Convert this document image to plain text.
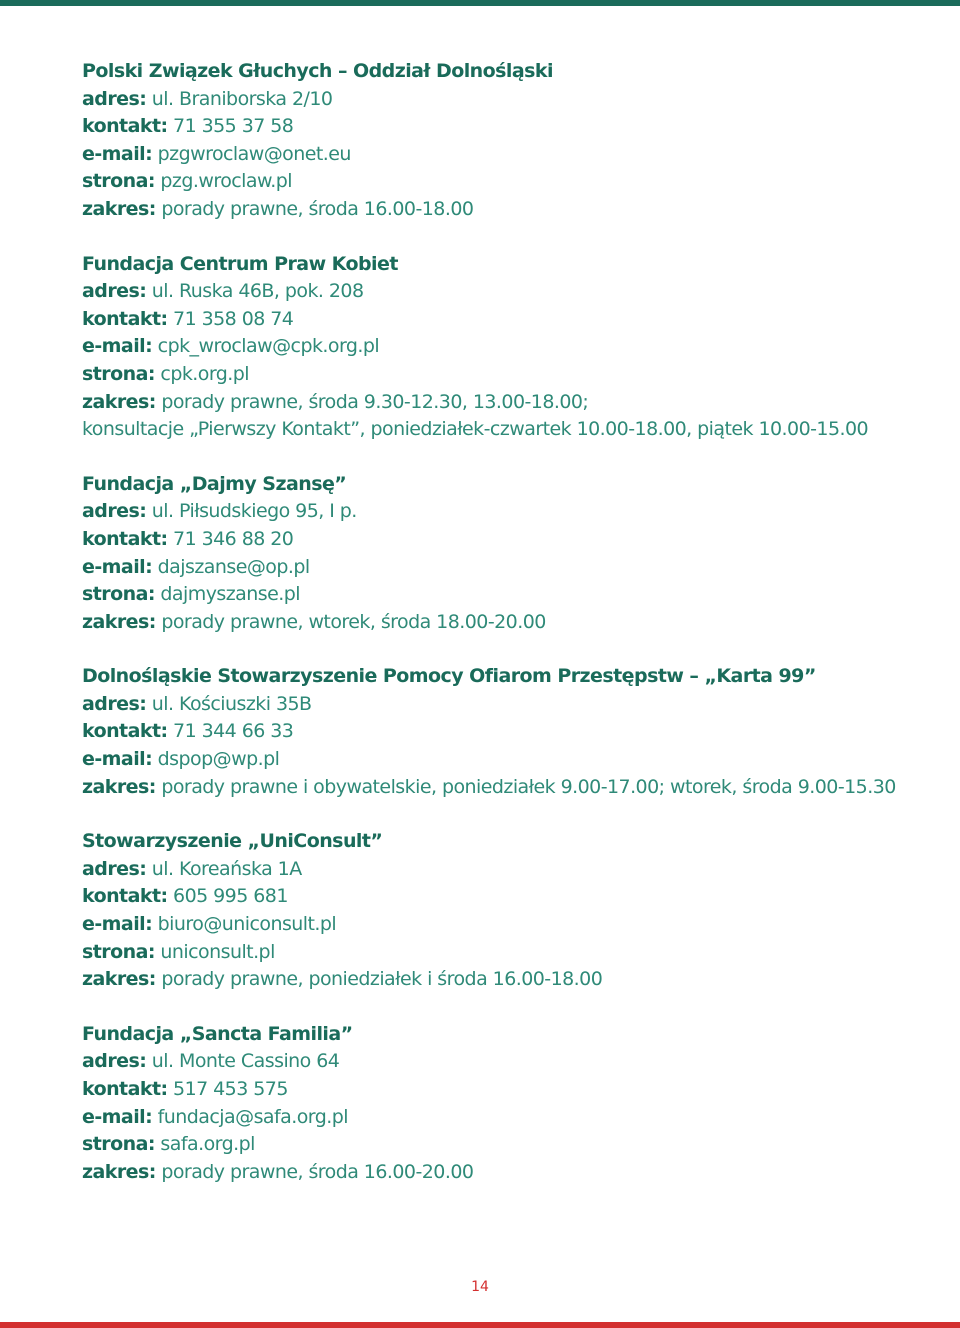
Polski Związek Głuchych – Oddział Dolnośląski
adres: ul. Braniborska 2/10
kontakt: 71 355 37 58
e-mail: pzgwroclaw@onet.eu
strona: pzg.wroclaw.pl
zakres: porady prawne, środa 16.00-18.00
Fundacja Centrum Praw Kobiet
adres: ul. Ruska 46B, pok. 208
kontakt: 71 358 08 74
e-mail: cpk_wroclaw@cpk.org.pl
strona: cpk.org.pl
zakres: porady prawne, środa 9.30-12.30, 13.00-18.00;
konsultacje „Pierwszy Kontakt”, poniedziałek-czwartek 10.00-18.00, piątek 10.00-15.00
Fundacja „Dajmy Szansę”
adres: ul. Piłsudskiego 95, I p.
kontakt: 71 346 88 20
e-mail: dajszanse@op.pl
strona: dajmyszanse.pl
zakres: porady prawne, wtorek, środa 18.00-20.00
Dolnośląskie Stowarzyszenie Pomocy Ofiarom Przestępstw – „Karta 99”
adres: ul. Kościuszki 35B
kontakt: 71 344 66 33
e-mail: dspop@wp.pl
zakres: porady prawne i obywatelskie, poniedziałek 9.00-17.00; wtorek, środa 9.00-15.30
Stowarzyszenie „UniConsult”
adres: ul. Koreańska 1A
kontakt: 605 995 681
e-mail: biuro@uniconsult.pl
strona: uniconsult.pl
zakres: porady prawne, poniedziałek i środa 16.00-18.00
Fundacja „Sancta Familia”
adres: ul. Monte Cassino 64
kontakt: 517 453 575
e-mail: fundacja@safa.org.pl
strona: safa.org.pl
zakres: porady prawne, środa 16.00-20.00
14
